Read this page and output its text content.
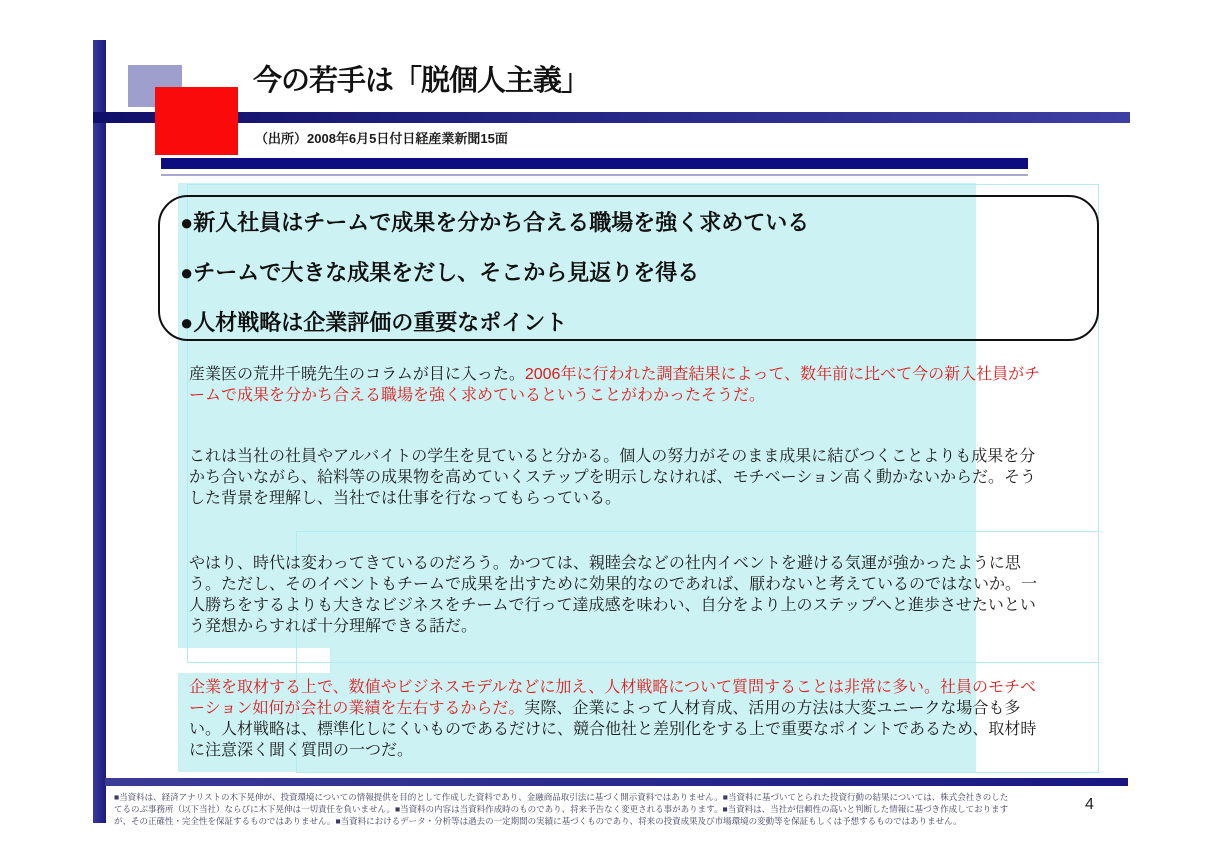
今の若手は「脱個人主義」
（出所）2008年6月5日付日経産業新聞15面
●新入社員はチームで成果を分かち合える職場を強く求めている
●チームで大きな成果をだし、そこから見返りを得る
●人材戦略は企業評価の重要なポイント
産業医の荒井千暁先生のコラムが目に入った。2006年に行われた調査結果によって、数年前に比べて今の新入社員がチームで成果を分かち合える職場を強く求めているということがわかったそうだ。
これは当社の社員やアルバイトの学生を見ていると分かる。個人の努力がそのまま成果に結びつくことよりも成果を分かち合いながら、給料等の成果物を高めていくステップを明示しなければ、モチベーション高く動かないからだ。そうした背景を理解し、当社では仕事を行なってもらっている。
やはり、時代は変わってきているのだろう。かつては、親睦会などの社内イベントを避ける気運が強かったように思う。ただし、そのイベントもチームで成果を出すために効果的なのであれば、厭わないと考えているのではないか。一人勝ちをするよりも大きなビジネスをチームで行って達成感を味わい、自分をより上のステップへと進歩させたいという発想からすれば十分理解できる話だ。
企業を取材する上で、数値やビジネスモデルなどに加え、人材戦略について質問することは非常に多い。社員のモチベーション如何が会社の業績を左右するからだ。実際、企業によって人材育成、活用の方法は大変ユニークな場合も多い。人材戦略は、標準化しにくいものであるだけに、競合他社と差別化をする上で重要なポイントであるため、取材時に注意深く聞く質問の一つだ。
■当資料は、経済アナリストの木下晃伸が、投資環境についての情報提供を目的として作成した資料であり、金融商品取引法に基づく開示資料ではありません。■当資料に基づいてとられた投資行動の結果については、株式会社きのした
てるのぶ事務所（以下当社）ならびに木下晃伸は一切責任を負いません。■当資料の内容は当資料作成時のものであり、将来予告なく変更される事があります。■当資料は、当社が信頼性の高いと判断した情報に基づき作成しております
が、その正確性・完全性を保証するものではありません。■当資料におけるデータ・分析等は過去の一定期間の実績に基づくものであり、将来の投資成果及び市場環境の変動等を保証もしくは予想するものではありません。
4
